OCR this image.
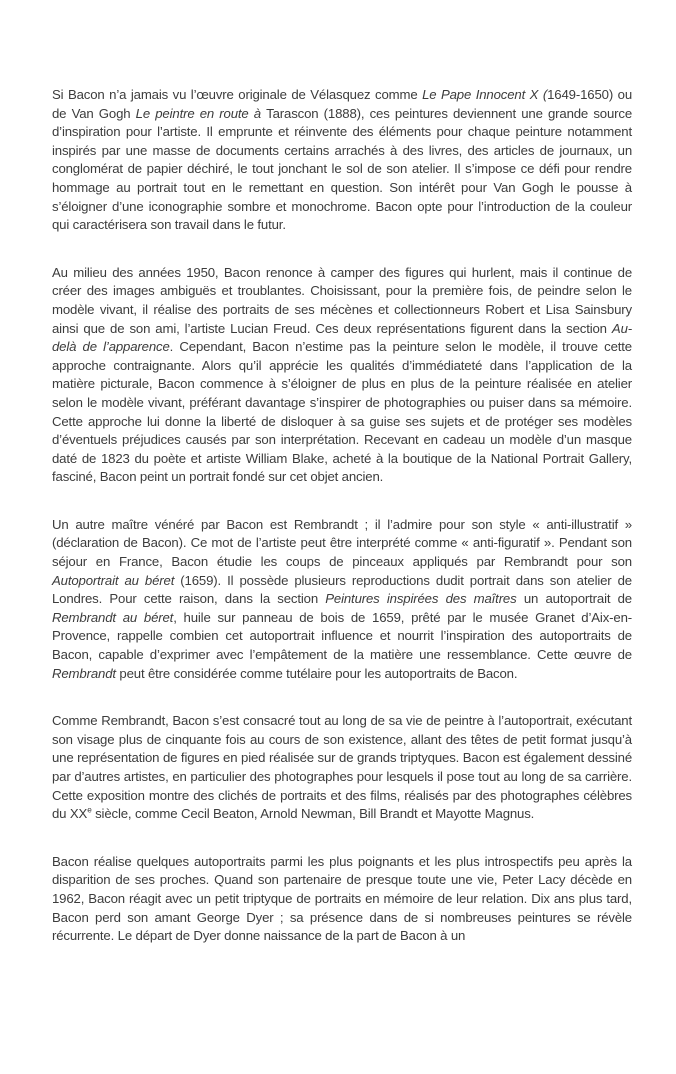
Si Bacon n’a jamais vu l’œuvre originale de Vélasquez comme Le Pape Innocent X (1649-1650) ou de Van Gogh Le peintre en route à Tarascon (1888), ces peintures deviennent une grande source d’inspiration pour l’artiste. Il emprunte et réinvente des éléments pour chaque peinture notamment inspirés par une masse de documents certains arrachés à des livres, des articles de journaux, un conglomérat de papier déchiré, le tout jonchant le sol de son atelier. Il s’impose ce défi pour rendre hommage au portrait tout en le remettant en question. Son intérêt pour Van Gogh le pousse à s’éloigner d’une iconographie sombre et monochrome. Bacon opte pour l’introduction de la couleur qui caractérisera son travail dans le futur.

Au milieu des années 1950, Bacon renonce à camper des figures qui hurlent, mais il continue de créer des images ambiguës et troublantes. Choisissant, pour la première fois, de peindre selon le modèle vivant, il réalise des portraits de ses mécènes et collectionneurs Robert et Lisa Sainsbury ainsi que de son ami, l’artiste Lucian Freud. Ces deux représentations figurent dans la section Au-delà de l’apparence. Cependant, Bacon n’estime pas la peinture selon le modèle, il trouve cette approche contraignante. Alors qu’il apprécie les qualités d’immédiateté dans l’application de la matière picturale, Bacon commence à s’éloigner de plus en plus de la peinture réalisée en atelier selon le modèle vivant, préférant davantage s’inspirer de photographies ou puiser dans sa mémoire. Cette approche lui donne la liberté de disloquer à sa guise ses sujets et de protéger ses modèles d’éventuels préjudices causés par son interprétation. Recevant en cadeau un modèle d’un masque daté de 1823 du poète et artiste William Blake, acheté à la boutique de la National Portrait Gallery, fasciné, Bacon peint un portrait fondé sur cet objet ancien.

Un autre maître vénéré par Bacon est Rembrandt ; il l’admire pour son style « anti-illustratif » (déclaration de Bacon). Ce mot de l’artiste peut être interprété comme « anti-figuratif ». Pendant son séjour en France, Bacon étudie les coups de pinceaux appliqués par Rembrandt pour son Autoportrait au béret (1659). Il possède plusieurs reproductions dudit portrait dans son atelier de Londres. Pour cette raison, dans la section Peintures inspirées des maîtres un autoportrait de Rembrandt au béret, huile sur panneau de bois de 1659, prêté par le musée Granet d’Aix-en-Provence, rappelle combien cet autoportrait influence et nourrit l’inspiration des autoportraits de Bacon, capable d’exprimer avec l’empâtement de la matière une ressemblance. Cette œuvre de Rembrandt peut être considérée comme tutélaire pour les autoportraits de Bacon.

Comme Rembrandt, Bacon s’est consacré tout au long de sa vie de peintre à l’autoportrait, exécutant son visage plus de cinquante fois au cours de son existence, allant des têtes de petit format jusqu’à une représentation de figures en pied réalisée sur de grands triptyques. Bacon est également dessiné par d’autres artistes, en particulier des photographes pour lesquels il pose tout au long de sa carrière. Cette exposition montre des clichés de portraits et des films, réalisés par des photographes célèbres du XXe siècle, comme Cecil Beaton, Arnold Newman, Bill Brandt et Mayotte Magnus.

Bacon réalise quelques autoportraits parmi les plus poignants et les plus introspectifs peu après la disparition de ses proches. Quand son partenaire de presque toute une vie, Peter Lacy décède en 1962, Bacon réagit avec un petit triptyque de portraits en mémoire de leur relation. Dix ans plus tard, Bacon perd son amant George Dyer ; sa présence dans de si nombreuses peintures se révèle récurrente. Le départ de Dyer donne naissance de la part de Bacon à un
